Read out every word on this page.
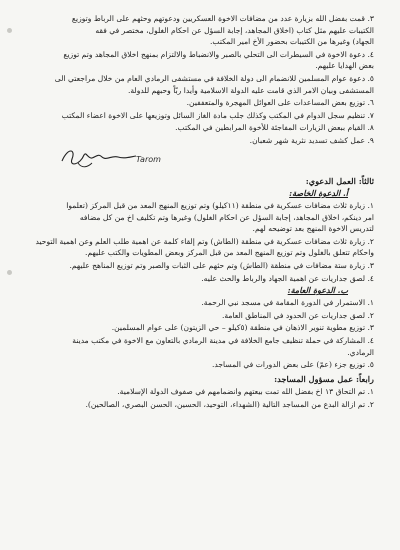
٣. قمت بفضل الله بزيارة عدد من مضافات الاخوة العسكريين ودعوتهم وحثهم على الرباط وتوزيع
الكتيبات عليهم مثل كتاب (اخلاق المجاهد، إجابة السؤل عن احكام الغلول، مختصر في فقه
الجهاد) وغيرها من الكتيبات بحضور الأخ امير المكتب.
٤. دعوة الاخوة في السيطرات الى التحلي بالصبر والانضباط والالتزام بمنهج اخلاق المجاهد وتم توزيع
بعض الهدايا عليهم.
٥. دعوة عوام المسلمين للانضمام الى دولة الخلافة في مستشفى الرمادي العام من خلال مراجعتي الى
المستشفى وبيان الامر الذي قامت عليه الدولة الاسلامية وأيدا ربّاً وحبهم للدولة.
٦. توزيع بعض المساعدات على العوائل المهجرة والمتعففين.
٧. تنظيم سجل الدوام في المكتب وكذلك جلب مادة الغاز السائل وتوزيعها على الاخوة اعضاء المكتب
٨. القيام ببعض الزيارات المفاجئة للأخوة المرابطين في المكتب.
٩. عمل كشف تسديد نثرية شهر شعبان.
Tarom
ثالثاً: العمل الدعوي:
أ. الدعوة الخاصة:
١. زيارة ثلاث مضافات عسكرية في منطقة (١١كيلو) وتم توزيع المنهج المعد من قبل المركز (تعلموا
امر دينكم، اخلاق المجاهد، إجابة السؤل عن احكام الغلول) وغيرها وتم تكليف اخ من كل مضافه
لتدريس الاخوة المنهج بعد توضيحه لهم.
٢. زيارة ثلاث مضافات عسكرية في منطقة (الطاش) وتم إلقاء كلمة عن اهمية طلب العلم وعن اهمية التوحيد
واحكام تتعلق بالغلول وتم توزيع المنهج المعد من قبل المركز وبعض المطويات والكتب عليهم.
٣. زيارة ستة مضافات في منطقة (الطاش) وتم حثهم على الثبات والصبر وتم توزيع المناهج عليهم.
٤. لصق جداريات عن اهمية الجهاد والرباط والحث عليه.
ب. الدعوة العامة:
١. الاستمرار في الدورة المقامة في مسجد نبي الرحمة.
٢. لصق جداريات عن الحدود في المناطق العامة.
٣. توزيع مطوية تنوير الاذهان في منطقة (٥كيلو – حي الزيتون) على عوام المسلمين.
٤. المشاركة في حملة تنظيف جامع الخلافة في مدينة الرمادي بالتعاون مع الاخوة في مكتب مدينة
الرمادي.
٥. توزيع جزء (عمّ) على بعض الدورات في المساجد.
رابعاً: عمل مسؤول المساجد:
١. تم التحاق ١٣ اخ بفضل الله تمت بيعتهم وانضمامهم في صفوف الدولة الإسلامية.
٢. تم ازالة البدع من المساجد التالية (الشهداء، التوحيد، الحسين، الحسن البصري، الصالحين).
